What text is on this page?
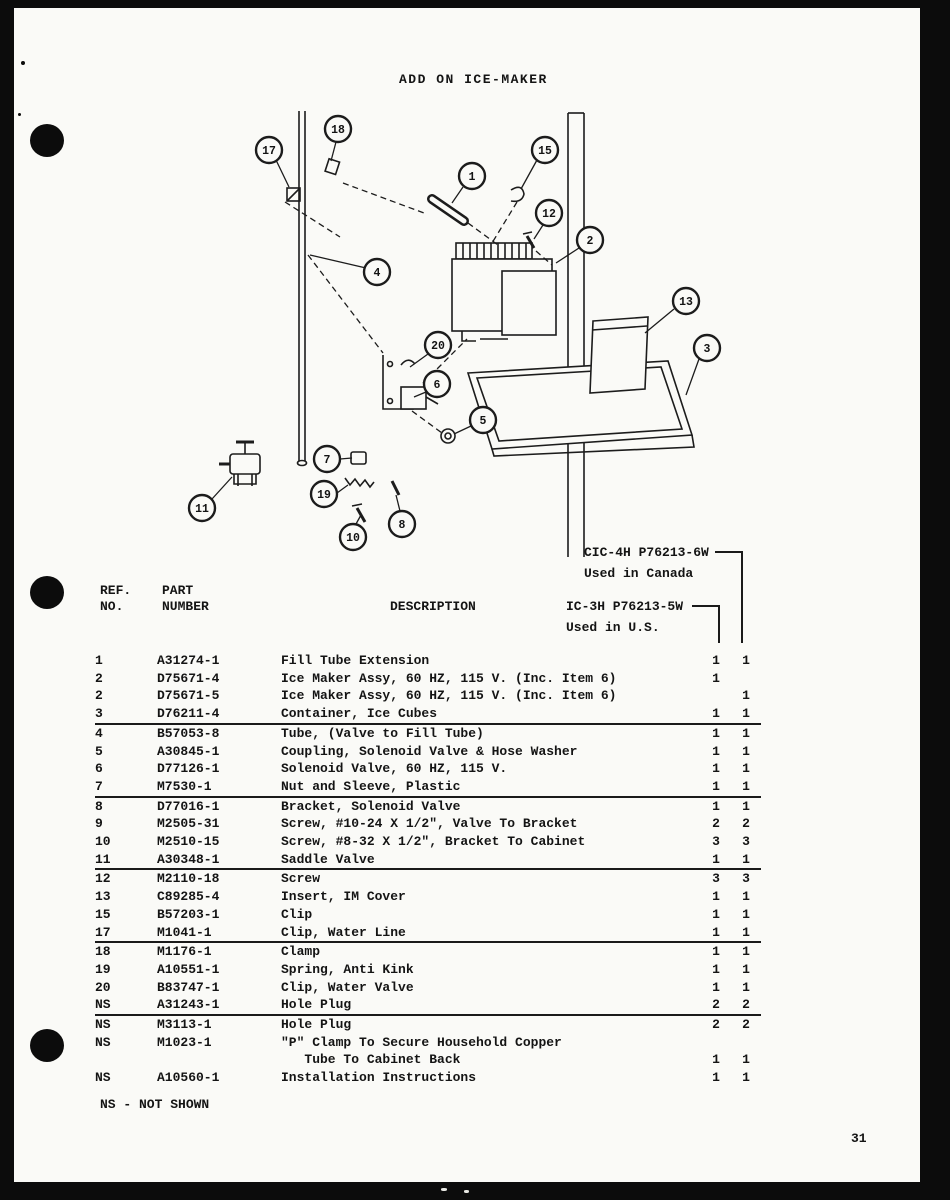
ADD ON ICE-MAKER
18
17
1
15
12
2
4
13
3
20
6
5
7
19
11
10
8
CIC-4H P76213-6W
Used in Canada
IC-3H P76213-5W
Used in U.S.
REF.
NO.
PART
NUMBER	DESCRIPTION
1	A31274-1	Fill Tube Extension	1	1
2	D75671-4	Ice Maker Assy, 60 HZ, 115 V. (Inc. Item 6)	1	
2	D75671-5	Ice Maker Assy, 60 HZ, 115 V. (Inc. Item 6)		1
3	D76211-4	Container, Ice Cubes	1	1
4	B57053-8	Tube, (Valve to Fill Tube)	1	1
5	A30845-1	Coupling, Solenoid Valve & Hose Washer	1	1
6	D77126-1	Solenoid Valve, 60 HZ, 115 V.	1	1
7	M7530-1	Nut and Sleeve, Plastic	1	1
8	D77016-1	Bracket, Solenoid Valve	1	1
9	M2505-31	Screw, #10-24 X 1/2", Valve To Bracket	2	2
10	M2510-15	Screw, #8-32 X 1/2", Bracket To Cabinet	3	3
11	A30348-1	Saddle Valve	1	1
12	M2110-18	Screw	3	3
13	C89285-4	Insert, IM Cover	1	1
15	B57203-1	Clip	1	1
17	M1041-1	Clip, Water Line	1	1
18	M1176-1	Clamp	1	1
19	A10551-1	Spring, Anti Kink	1	1
20	B83747-1	Clip, Water Valve	1	1
NS	A31243-1	Hole Plug	2	2
NS	M3113-1	Hole Plug	2	2
NS	M1023-1	"P" Clamp To Secure Household Copper		
		Tube To Cabinet Back	1	1
NS	A10560-1	Installation Instructions	1	1
NS - NOT SHOWN
31
